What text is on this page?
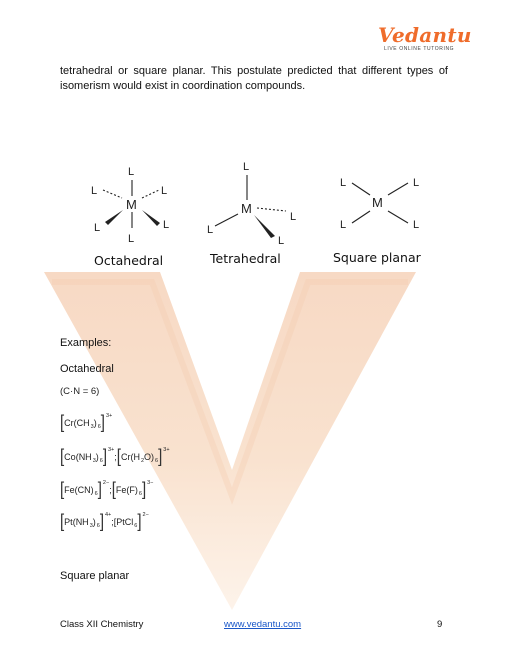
Vedantu
LIVE ONLINE TUTORING
tetrahedral or square planar. This postulate predicted that different types of isomerism would exist in coordination compounds.
M
L
L
L	L
L	L
M
L
L
L
L
M
L	L
L	L
Octahedral	Tetrahedral	Square planar
Examples:
Octahedral
(C·N = 6)
[ Cr ( CH 3 ) 6 ] 3+
[ Co ( NH 3 ) 6 ] 3+
; [ Cr ( H 2 O ) 6 ] 3+
[ Fe(CN) 6 ] 2−
; [ Fe ( F ) 6 ] 3−
[ Pt ( NH 3 ) 6 ] 4+
; [PtCl 6 ] 2−
Square planar
Class XII Chemistry	www.vedantu.com	9
